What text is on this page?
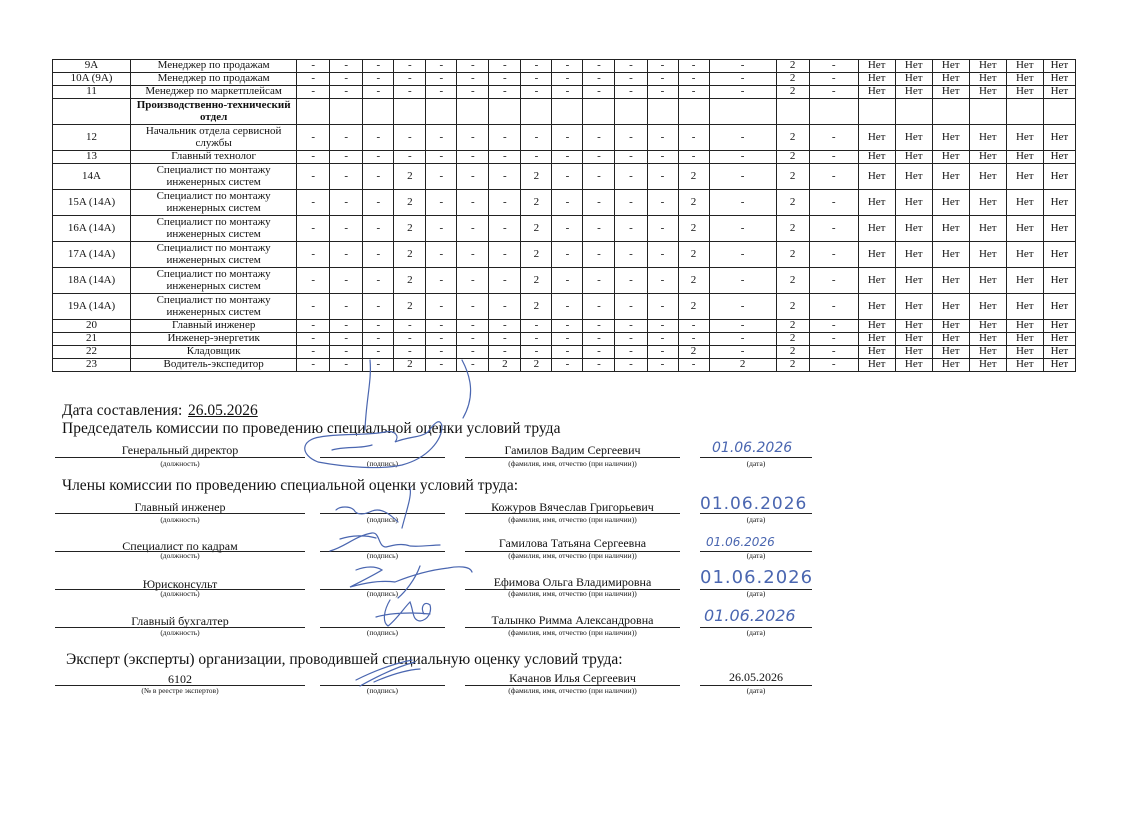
9A	Менеджер по продажам	-	-	-	-	-	-	-	-	-	-	-	-	-	-	2	-	Нет	Нет	Нет	Нет	Нет	Нет
10A (9A)	Менеджер по продажам	-	-	-	-	-	-	-	-	-	-	-	-	-	-	2	-	Нет	Нет	Нет	Нет	Нет	Нет
11	Менеджер по маркетплейсам	-	-	-	-	-	-	-	-	-	-	-	-	-	-	2	-	Нет	Нет	Нет	Нет	Нет	Нет
	Производственно-технический отдел																						
12	Начальник отдела сервисной службы	-	-	-	-	-	-	-	-	-	-	-	-	-	-	2	-	Нет	Нет	Нет	Нет	Нет	Нет
13	Главный технолог	-	-	-	-	-	-	-	-	-	-	-	-	-	-	2	-	Нет	Нет	Нет	Нет	Нет	Нет
14A	Специалист по монтажу инженерных систем	-	-	-	2	-	-	-	2	-	-	-	-	2	-	2	-	Нет	Нет	Нет	Нет	Нет	Нет
15A (14A)	Специалист по монтажу инженерных систем	-	-	-	2	-	-	-	2	-	-	-	-	2	-	2	-	Нет	Нет	Нет	Нет	Нет	Нет
16A (14A)	Специалист по монтажу инженерных систем	-	-	-	2	-	-	-	2	-	-	-	-	2	-	2	-	Нет	Нет	Нет	Нет	Нет	Нет
17A (14A)	Специалист по монтажу инженерных систем	-	-	-	2	-	-	-	2	-	-	-	-	2	-	2	-	Нет	Нет	Нет	Нет	Нет	Нет
18A (14A)	Специалист по монтажу инженерных систем	-	-	-	2	-	-	-	2	-	-	-	-	2	-	2	-	Нет	Нет	Нет	Нет	Нет	Нет
19A (14A)	Специалист по монтажу инженерных систем	-	-	-	2	-	-	-	2	-	-	-	-	2	-	2	-	Нет	Нет	Нет	Нет	Нет	Нет
20	Главный инженер	-	-	-	-	-	-	-	-	-	-	-	-	-	-	2	-	Нет	Нет	Нет	Нет	Нет	Нет
21	Инженер-энергетик	-	-	-	-	-	-	-	-	-	-	-	-	-	-	2	-	Нет	Нет	Нет	Нет	Нет	Нет
22	Кладовщик	-	-	-	-	-	-	-	-	-	-	-	-	2	-	2	-	Нет	Нет	Нет	Нет	Нет	Нет
23	Водитель-экспедитор	-	-	-	2	-	-	2	2	-	-	-	-	-	2	2	-	Нет	Нет	Нет	Нет	Нет	Нет
Дата составления: 26.05.2026
Председатель комиссии по проведению специальной оценки условий труда
Генеральный директор
(должность)	(подпись)
Гамилов Вадим Сергеевич
(фамилия, имя, отчество (при наличии))	(дата)
01.06.2026
Члены комиссии по проведению специальной оценки условий труда:
Главный инженер
(должность)	(подпись)
Кожуров Вячеслав Григорьевич
(фамилия, имя, отчество (при наличии))	(дата)
01.06.2026
Специалист по кадрам
(должность)	(подпись)
Гамилова Татьяна Сергеевна
(фамилия, имя, отчество (при наличии))	(дата)
01.06.2026
Юрисконсульт
(должность)	(подпись)
Ефимова Ольга Владимировна
(фамилия, имя, отчество (при наличии))	(дата)
01.06.2026
Главный бухгалтер
(должность)	(подпись)
Талынко Римма Александровна
(фамилия, имя, отчество (при наличии))	(дата)
01.06.2026
Эксперт (эксперты) организации, проводившей специальную оценку условий труда:
6102
(№ в реестре экспертов)	(подпись)
Качанов Илья Сергеевич
(фамилия, имя, отчество (при наличии))
26.05.2026
(дата)
